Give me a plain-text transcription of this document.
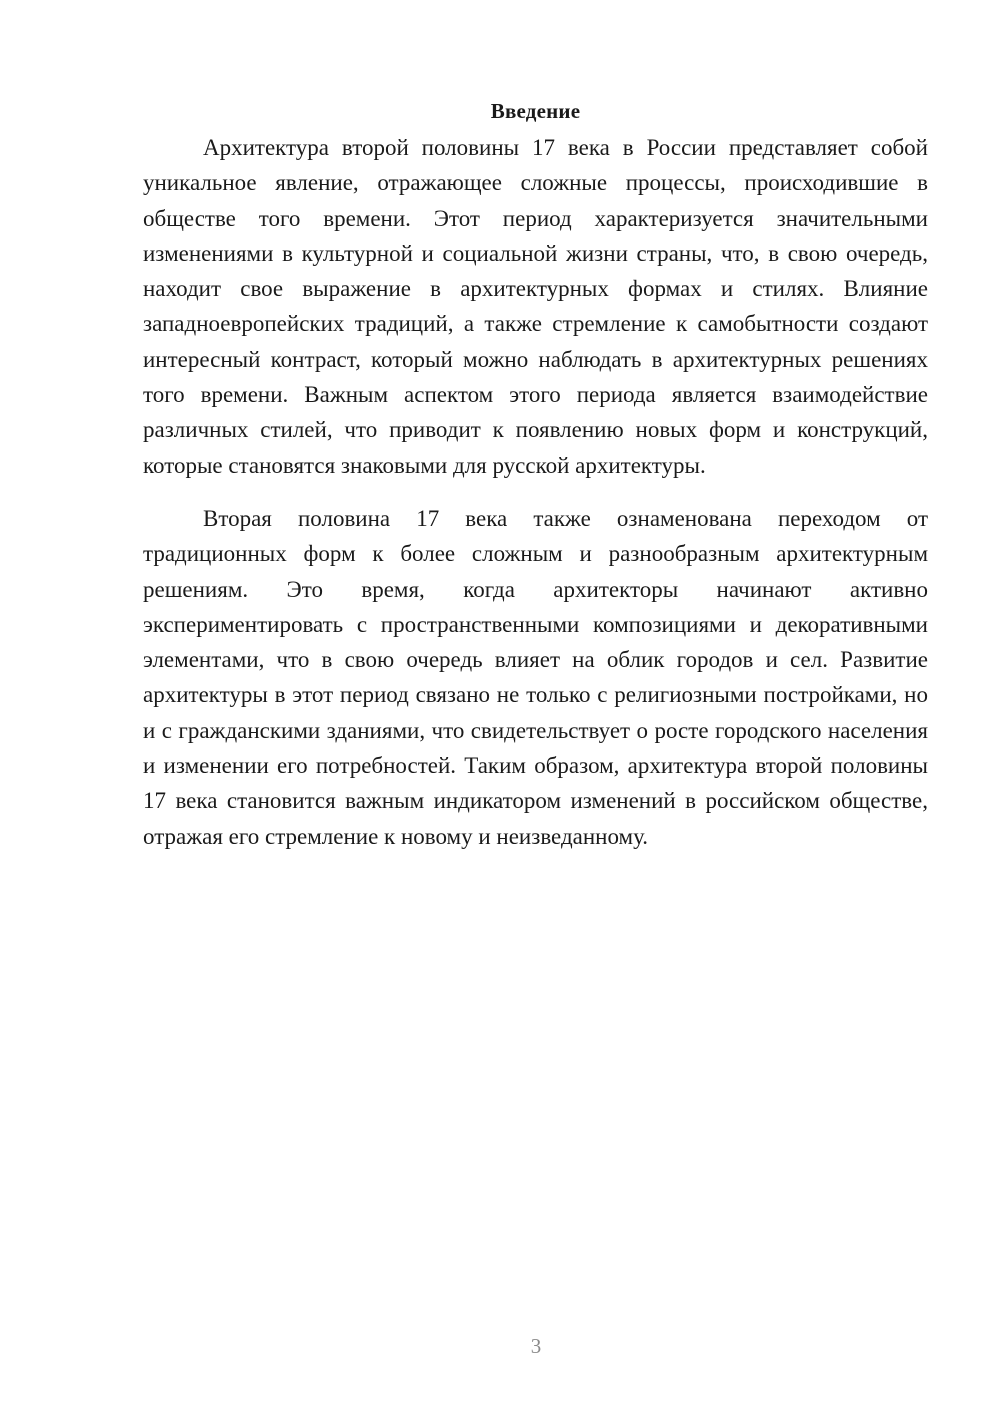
Введение

Архитектура второй половины 17 века в России представляет собой уникальное явление, отражающее сложные процессы, происходившие в обществе того времени. Этот период характеризуется значительными изменениями в культурной и социальной жизни страны, что, в свою очередь, находит свое выражение в архитектурных формах и стилях. Влияние западноевропейских традиций, а также стремление к самобытности создают интересный контраст, который можно наблюдать в архитектурных решениях того времени. Важным аспектом этого периода является взаимодействие различных стилей, что приводит к появлению новых форм и конструкций, которые становятся знаковыми для русской архитектуры.

Вторая половина 17 века также ознаменована переходом от традиционных форм к более сложным и разнообразным архитектурным решениям. Это время, когда архитекторы начинают активно экспериментировать с пространственными композициями и декоративными элементами, что в свою очередь влияет на облик городов и сел. Развитие архитектуры в этот период связано не только с религиозными постройками, но и с гражданскими зданиями, что свидетельствует о росте городского населения и изменении его потребностей. Таким образом, архитектура второй половины 17 века становится важным индикатором изменений в российском обществе, отражая его стремление к новому и неизведанному.

3
